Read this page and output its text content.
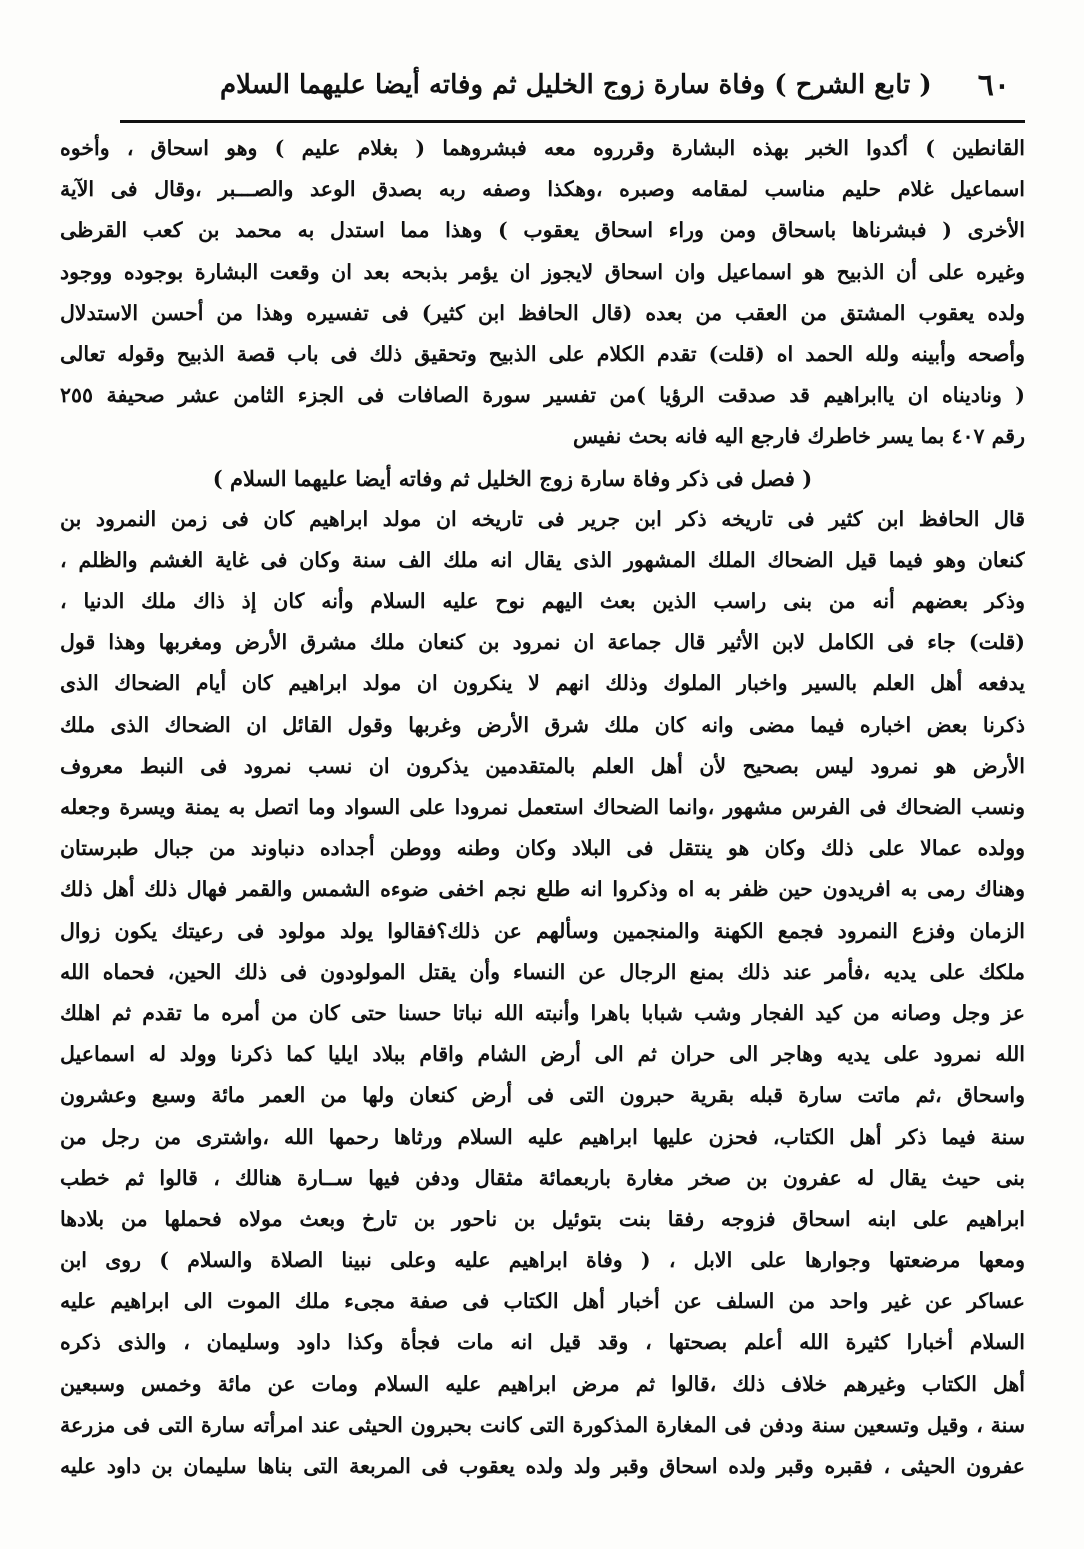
٦٠
( تابع الشرح ) وفاة سارة زوج الخليل ثم وفاته أيضا عليهما السلام
القانطين ) أكدوا الخبر بهذه البشارة وقرروه معه فبشروهما ( بغلام عليم ) وهو اسحاق ، وأخوه
اسماعيل غلام حليم مناسب لمقامه وصبره ،وهكذا وصفه ربه بصدق الوعد والصـــبر ،وقال فى الآية
الأخرى ( فبشرناها باسحاق ومن وراء اسحاق يعقوب ) وهذا مما استدل به محمد بن كعب القرظى
وغيره على أن الذبيح هو اسماعيل وان اسحاق لايجوز ان يؤمر بذبحه بعد ان وقعت البشارة بوجوده ووجود
ولده يعقوب المشتق من العقب من بعده (قال الحافظ ابن كثير) فى تفسيره وهذا من أحسن الاستدلال
وأصحه وأبينه ولله الحمد اه (قلت) تقدم الكلام على الذبيح وتحقيق ذلك فى باب قصة الذبيح وقوله تعالى
( وناديناه ان ياابراهيم قد صدقت الرؤيا )من تفسير سورة الصافات فى الجزء الثامن عشر صحيفة ٢٥٥
رقم ٤٠٧ بما يسر خاطرك فارجع اليه فانه بحث نفيس
( فصل فى ذكر وفاة سارة زوج الخليل ثم وفاته أيضا عليهما السلام )
قال الحافظ ابن كثير فى تاريخه ذكر ابن جرير فى تاريخه ان مولد ابراهيم كان فى زمن النمرود بن
كنعان وهو فيما قيل الضحاك الملك المشهور الذى يقال انه ملك الف سنة وكان فى غاية الغشم والظلم ،
وذكر بعضهم أنه من بنى راسب الذين بعث اليهم نوح عليه السلام وأنه كان إذ ذاك ملك الدنيا ،
(قلت) جاء فى الكامل لابن الأثير قال جماعة ان نمرود بن كنعان ملك مشرق الأرض ومغربها وهذا قول
يدفعه أهل العلم بالسير واخبار الملوك وذلك انهم لا ينكرون ان مولد ابراهيم كان أيام الضحاك الذى
ذكرنا بعض اخباره فيما مضى وانه كان ملك شرق الأرض وغربها وقول القائل ان الضحاك الذى ملك
الأرض هو نمرود ليس بصحيح لأن أهل العلم بالمتقدمين يذكرون ان نسب نمرود فى النبط معروف
ونسب الضحاك فى الفرس مشهور ،وانما الضحاك استعمل نمرودا على السواد وما اتصل به يمنة ويسرة وجعله
وولده عمالا على ذلك وكان هو ينتقل فى البلاد وكان وطنه ووطن أجداده دنباوند من جبال طبرستان
وهناك رمى به افريدون حين ظفر به اه وذكروا انه طلع نجم اخفى ضوءه الشمس والقمر فهال ذلك أهل ذلك
الزمان وفزع النمرود فجمع الكهنة والمنجمين وسألهم عن ذلك؟فقالوا يولد مولود فى رعيتك يكون زوال
ملكك على يديه ،فأمر عند ذلك بمنع الرجال عن النساء وأن يقتل المولودون فى ذلك الحين، فحماه الله
عز وجل وصانه من كيد الفجار وشب شبابا باهرا وأنبته الله نباتا حسنا حتى كان من أمره ما تقدم ثم اهلك
الله نمرود على يديه وهاجر الى حران ثم الى أرض الشام واقام ببلاد ايليا كما ذكرنا وولد له اسماعيل
واسحاق ،ثم ماتت سارة قبله بقرية حبرون التى فى أرض كنعان ولها من العمر مائة وسبع وعشرون
سنة فيما ذكر أهل الكتاب، فحزن عليها ابراهيم عليه السلام ورثاها رحمها الله ،واشترى من رجل من
بنى حيث يقال له عفرون بن صخر مغارة باربعمائة مثقال ودفن فيها ســارة هنالك ، قالوا ثم خطب
ابراهيم على ابنه اسحاق فزوجه رفقا بنت بتوئيل بن ناحور بن تارخ وبعث مولاه فحملها من بلادها
ومعها مرضعتها وجوارها على الابل ، ( وفاة ابراهيم عليه وعلى نبينا الصلاة والسلام ) روى ابن
عساكر عن غير واحد من السلف عن أخبار أهل الكتاب فى صفة مجىء ملك الموت الى ابراهيم عليه
السلام أخبارا كثيرة الله أعلم بصحتها ، وقد قيل انه مات فجأة وكذا داود وسليمان ، والذى ذكره
أهل الكتاب وغيرهم خلاف ذلك ،قالوا ثم مرض ابراهيم عليه السلام ومات عن مائة وخمس وسبعين
سنة ، وقيل وتسعين سنة ودفن فى المغارة المذكورة التى كانت بحبرون الحيثى عند امرأته سارة التى فى مزرعة
عفرون الحيثى ، فقبره وقبر ولده اسحاق وقبر ولد ولده يعقوب فى المربعة التى بناها سليمان بن داود عليه
